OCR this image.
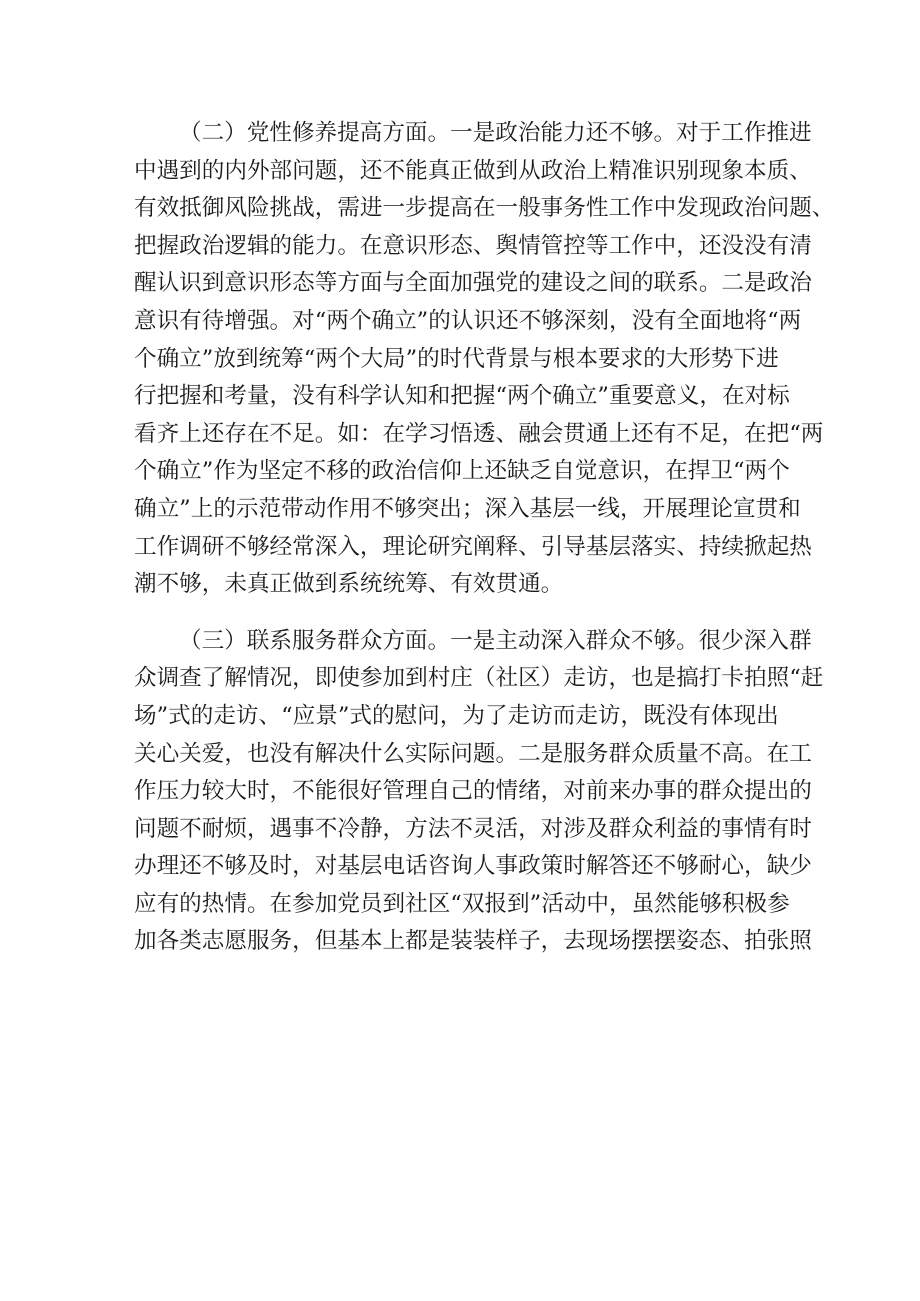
（二）党性修养提高方面。一是政治能力还不够。对于工作推进
中遇到的内外部问题，还不能真正做到从政治上精准识别现象本质、
有效抵御风险挑战，需进一步提高在一般事务性工作中发现政治问题、
把握政治逻辑的能力。在意识形态、舆情管控等工作中，还没没有清
醒认识到意识形态等方面与全面加强党的建设之间的联系。二是政治
意识有待增强。对“两个确立”的认识还不够深刻，没有全面地将“两
个确立”放到统筹“两个大局”的时代背景与根本要求的大形势下进
行把握和考量，没有科学认知和把握“两个确立”重要意义，在对标
看齐上还存在不足。如：在学习悟透、融会贯通上还有不足，在把“两
个确立”作为坚定不移的政治信仰上还缺乏自觉意识，在捍卫“两个
确立”上的示范带动作用不够突出；深入基层一线，开展理论宣贯和
工作调研不够经常深入，理论研究阐释、引导基层落实、持续掀起热
潮不够，未真正做到系统统筹、有效贯通。
（三）联系服务群众方面。一是主动深入群众不够。很少深入群
众调查了解情况，即使参加到村庄（社区）走访，也是搞打卡拍照“赶
场”式的走访、“应景”式的慰问，为了走访而走访，既没有体现出
关心关爱，也没有解决什么实际问题。二是服务群众质量不高。在工
作压力较大时，不能很好管理自己的情绪，对前来办事的群众提出的
问题不耐烦，遇事不冷静，方法不灵活，对涉及群众利益的事情有时
办理还不够及时，对基层电话咨询人事政策时解答还不够耐心，缺少
应有的热情。在参加党员到社区“双报到”活动中，虽然能够积极参
加各类志愿服务，但基本上都是装装样子，去现场摆摆姿态、拍张照
